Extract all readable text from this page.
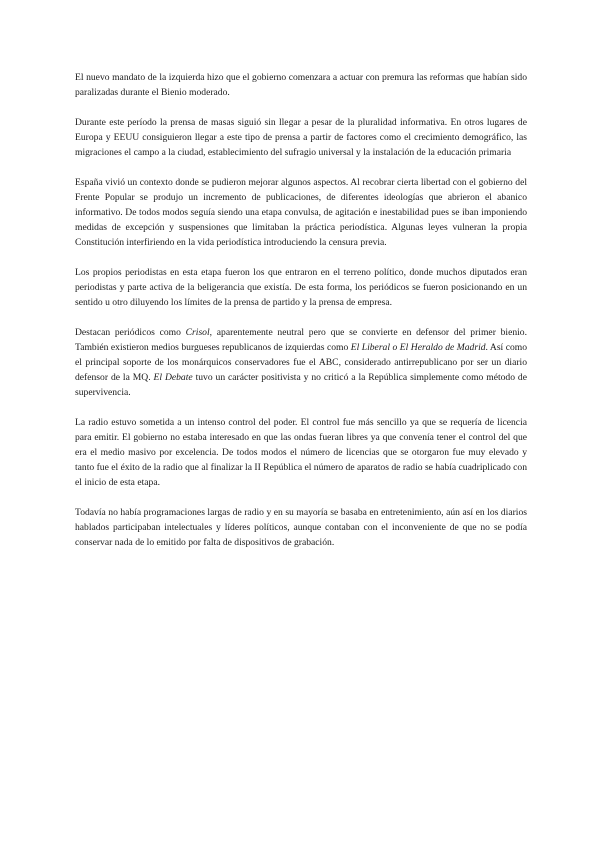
El nuevo mandato de la izquierda hizo que el gobierno comenzara a actuar con premura las reformas que habían sido paralizadas durante el Bienio moderado.

Durante este período la prensa de masas siguió sin llegar a pesar de la pluralidad informativa. En otros lugares de Europa y EEUU consiguieron llegar a este tipo de prensa a partir de factores como el crecimiento demográfico, las migraciones el campo a la ciudad, establecimiento del sufragio universal y la instalación de la educación primaria

España vivió un contexto donde se pudieron mejorar algunos aspectos. Al recobrar cierta libertad con el gobierno del Frente Popular se produjo un incremento de publicaciones, de diferentes ideologías que abrieron el abanico informativo. De todos modos seguía siendo una etapa convulsa, de agitación e inestabilidad pues se iban imponiendo medidas de excepción y suspensiones que limitaban la práctica periodística. Algunas leyes vulneran la propia Constitución interfiriendo en la vida periodística introduciendo la censura previa.

Los propios periodistas en esta etapa fueron los que entraron en el terreno político, donde muchos diputados eran periodistas y parte activa de la beligerancia que existía. De esta forma, los periódicos se fueron posicionando en un sentido u otro diluyendo los límites de la prensa de partido y la prensa de empresa.

Destacan periódicos como Crisol, aparentemente neutral pero que se convierte en defensor del primer bienio. También existieron medios burgueses republicanos de izquierdas como El Liberal o El Heraldo de Madrid. Así como el principal soporte de los monárquicos conservadores fue el ABC, considerado antirrepublicano por ser un diario defensor de la MQ. El Debate tuvo un carácter positivista y no criticó a la República simplemente como método de supervivencia.

La radio estuvo sometida a un intenso control del poder. El control fue más sencillo ya que se requería de licencia para emitir. El gobierno no estaba interesado en que las ondas fueran libres ya que convenía tener el control del que era el medio masivo por excelencia. De todos modos el número de licencias que se otorgaron fue muy elevado y tanto fue el éxito de la radio que al finalizar la II República el número de aparatos de radio se había cuadriplicado con el inicio de esta etapa.

Todavía no había programaciones largas de radio y en su mayoría se basaba en entretenimiento, aún así en los diarios hablados participaban intelectuales y líderes políticos, aunque contaban con el inconveniente de que no se podía conservar nada de lo emitido por falta de dispositivos de grabación.
